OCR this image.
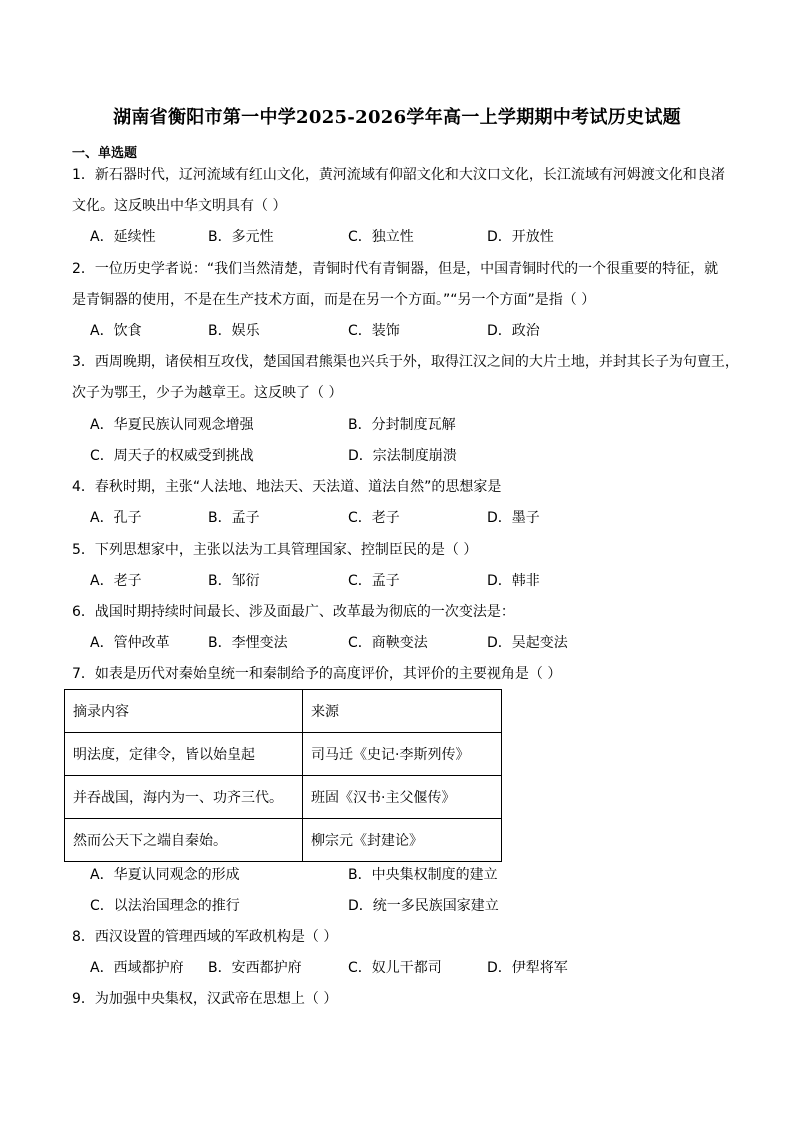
湖南省衡阳市第一中学2025-2026学年高一上学期期中考试历史试题
一、单选题
1．新石器时代，辽河流域有红山文化，黄河流域有仰韶文化和大汶口文化，长江流域有河姆渡文化和良渚
文化。这反映出中华文明具有（ ）
A．延续性	B．多元性	C．独立性	D．开放性
2．一位历史学者说：“我们当然清楚，青铜时代有青铜器，但是，中国青铜时代的一个很重要的特征，就
是青铜器的使用，不是在生产技术方面，而是在另一个方面。”“另一个方面”是指（ ）
A．饮食	B．娱乐	C．装饰	D．政治
3．西周晚期，诸侯相互攻伐，楚国国君熊渠也兴兵于外，取得江汉之间的大片土地，并封其长子为句亶王，
次子为鄂王，少子为越章王。这反映了（ ）
A．华夏民族认同观念增强	B．分封制度瓦解
C．周天子的权威受到挑战	D．宗法制度崩溃
4．春秋时期，主张“人法地、地法天、天法道、道法自然”的思想家是
A．孔子	B．孟子	C．老子	D．墨子
5．下列思想家中，主张以法为工具管理国家、控制臣民的是（ ）
A．老子	B．邹衍	C．孟子	D．韩非
6．战国时期持续时间最长、涉及面最广、改革最为彻底的一次变法是：
A．管仲改革	B．李悝变法	C．商鞅变法	D．吴起变法
7．如表是历代对秦始皇统一和秦制给予的高度评价，其评价的主要视角是（ ）
摘录内容	来源
明法度，定律令，皆以始皇起	司马迁《史记·李斯列传》
并吞战国，海内为一、功齐三代。	班固《汉书·主父偃传》
然而公天下之端自秦始。	柳宗元《封建论》
A．华夏认同观念的形成	B．中央集权制度的建立
C．以法治国理念的推行	D．统一多民族国家建立
8．西汉设置的管理西域的军政机构是（ ）
A．西域都护府 B．安西都护府	C．奴儿干都司	D．伊犁将军
9．为加强中央集权，汉武帝在思想上（ ）
